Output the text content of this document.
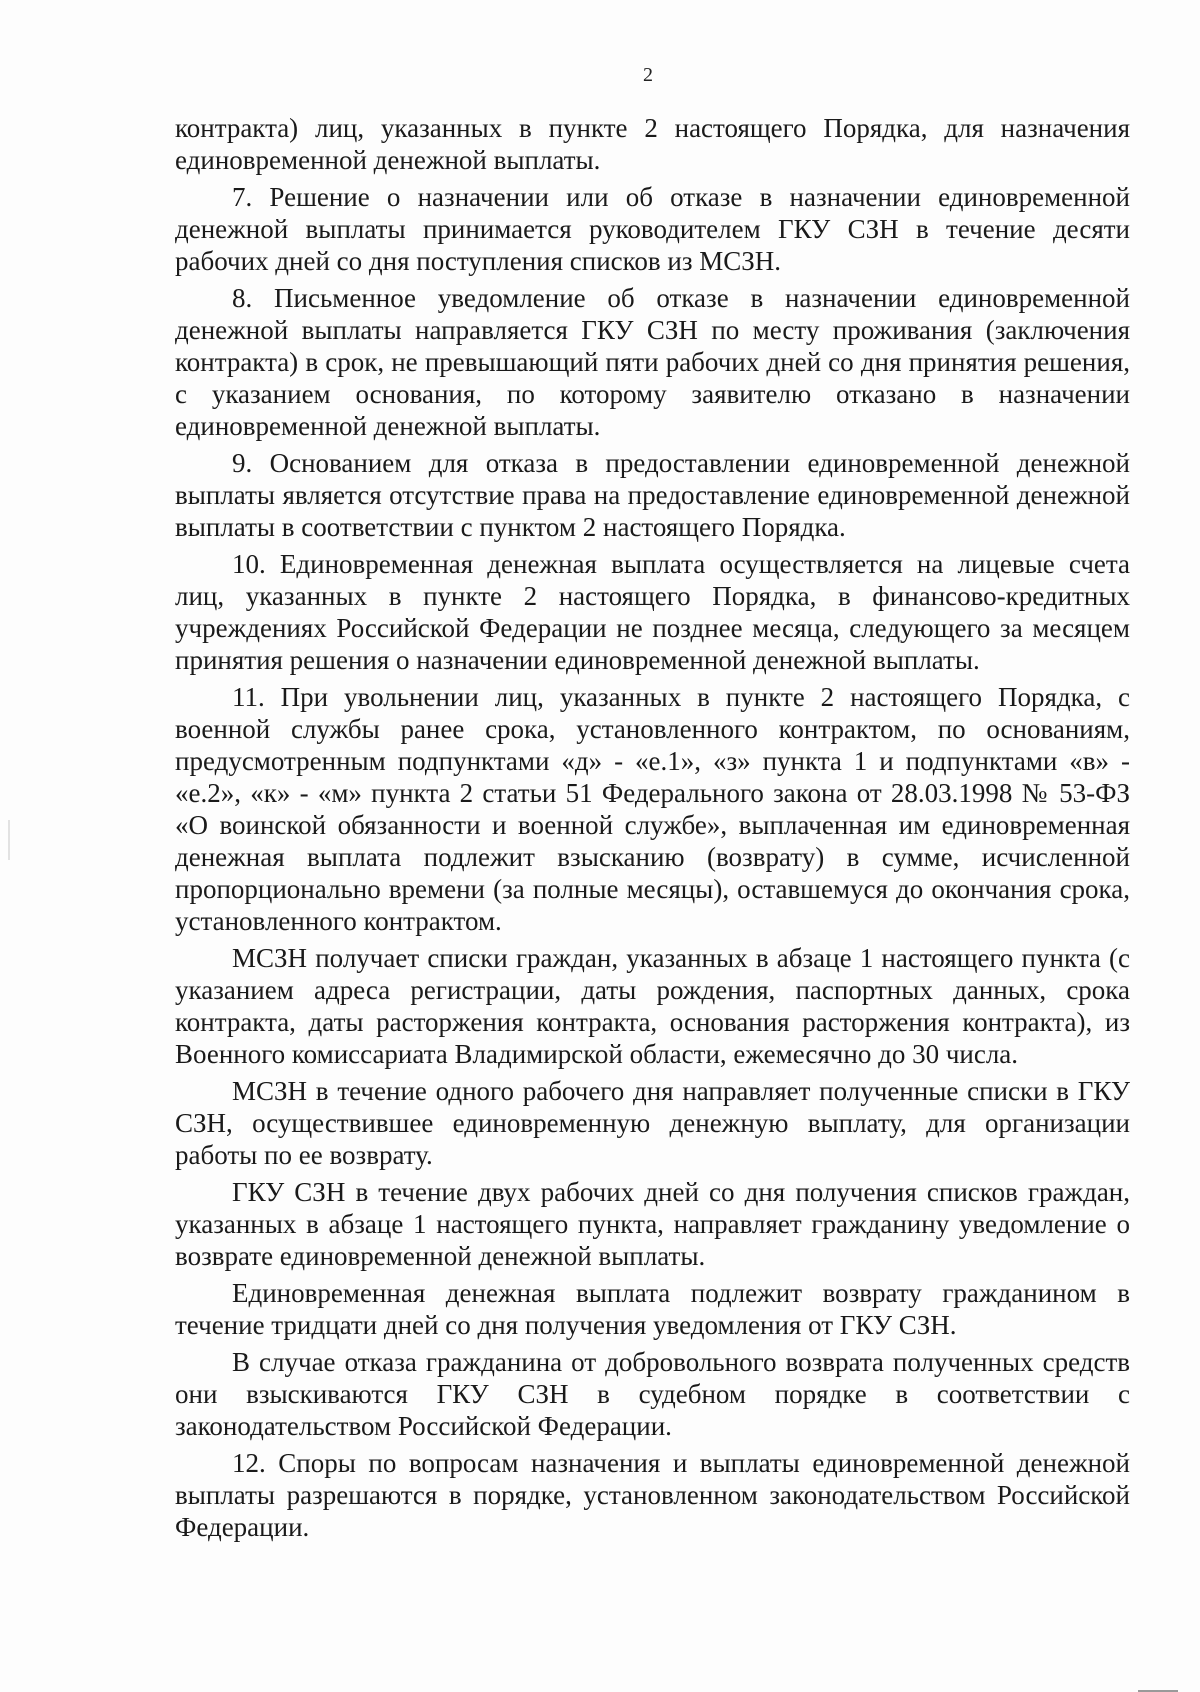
2

контракта) лиц, указанных в пункте 2 настоящего Порядка, для назначения единовременной денежной выплаты.

7. Решение о назначении или об отказе в назначении единовременной денежной выплаты принимается руководителем ГКУ СЗН в течение десяти рабочих дней со дня поступления списков из МСЗН.

8. Письменное уведомление об отказе в назначении единовременной денежной выплаты направляется ГКУ СЗН по месту проживания (заключения контракта) в срок, не превышающий пяти рабочих дней со дня принятия решения, с указанием основания, по которому заявителю отказано в назначении единовременной денежной выплаты.

9. Основанием для отказа в предоставлении единовременной денежной выплаты является отсутствие права на предоставление единовременной денежной выплаты в соответствии с пунктом 2 настоящего Порядка.

10. Единовременная денежная выплата осуществляется на лицевые счета лиц, указанных в пункте 2 настоящего Порядка, в финансово-кредитных учреждениях Российской Федерации не позднее месяца, следующего за месяцем принятия решения о назначении единовременной денежной выплаты.

11. При увольнении лиц, указанных в пункте 2 настоящего Порядка, с военной службы ранее срока, установленного контрактом, по основаниям, предусмотренным подпунктами «д» - «е.1», «з» пункта 1 и подпунктами «в» - «е.2», «к» - «м» пункта 2 статьи 51 Федерального закона от 28.03.1998 № 53-ФЗ «О воинской обязанности и военной службе», выплаченная им единовременная денежная выплата подлежит взысканию (возврату) в сумме, исчисленной пропорционально времени (за полные месяцы), оставшемуся до окончания срока, установленного контрактом.

МСЗН получает списки граждан, указанных в абзаце 1 настоящего пункта (с указанием адреса регистрации, даты рождения, паспортных данных, срока контракта, даты расторжения контракта, основания расторжения контракта), из Военного комиссариата Владимирской области, ежемесячно до 30 числа.

МСЗН в течение одного рабочего дня направляет полученные списки в ГКУ СЗН, осуществившее единовременную денежную выплату, для организации работы по ее возврату.

ГКУ СЗН в течение двух рабочих дней со дня получения списков граждан, указанных в абзаце 1 настоящего пункта, направляет гражданину уведомление о возврате единовременной денежной выплаты.

Единовременная денежная выплата подлежит возврату гражданином в течение тридцати дней со дня получения уведомления от ГКУ СЗН.

В случае отказа гражданина от добровольного возврата полученных средств они взыскиваются ГКУ СЗН в судебном порядке в соответствии с законодательством Российской Федерации.

12. Споры по вопросам назначения и выплаты единовременной денежной выплаты разрешаются в порядке, установленном законодательством Российской Федерации.
